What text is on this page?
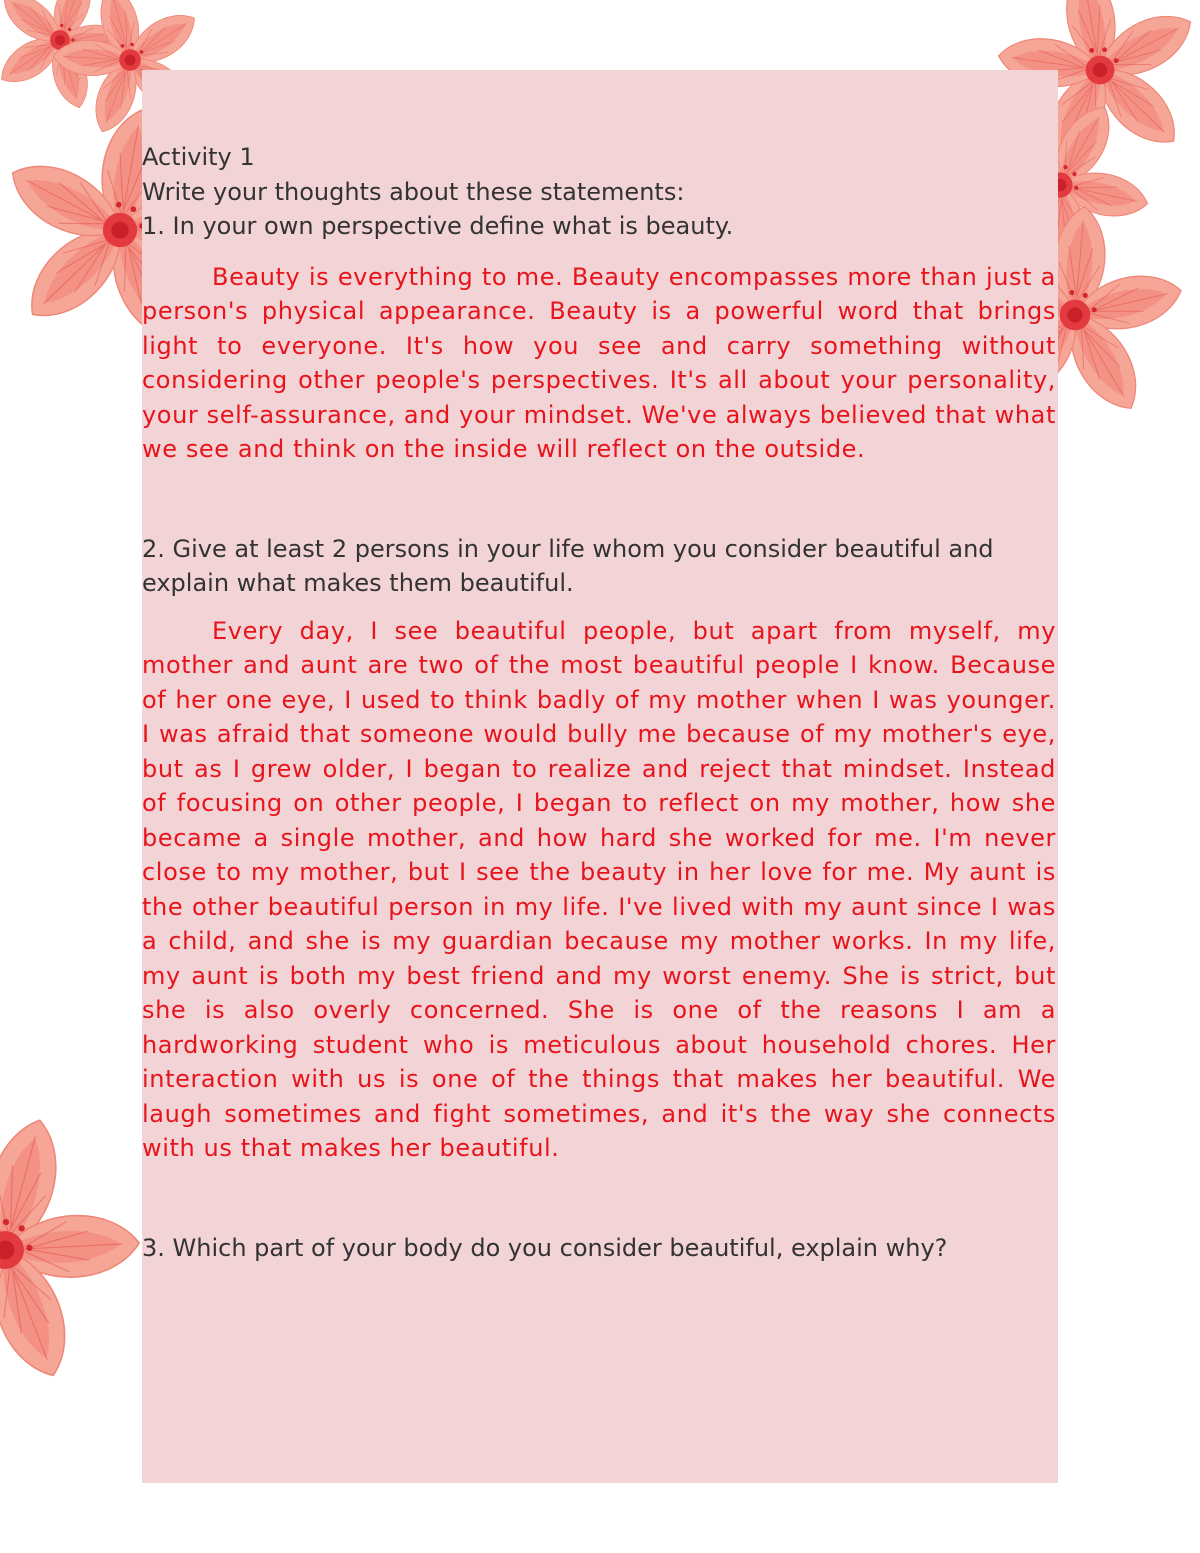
Activity 1

Write your thoughts about these statements:

1. In your own perspective define what is beauty.

Beauty is everything to me. Beauty encompasses more than just a person's physical appearance. Beauty is a powerful word that brings light to everyone. It's how you see and carry something without considering other people's perspectives. It's all about your personality, your self-assurance, and your mindset. We've always believed that what we see and think on the inside will reflect on the outside.

2. Give at least 2 persons in your life whom you consider beautiful and explain what makes them beautiful.

Every day, I see beautiful people, but apart from myself, my mother and aunt are two of the most beautiful people I know. Because of her one eye, I used to think badly of my mother when I was younger. I was afraid that someone would bully me because of my mother's eye, but as I grew older, I began to realize and reject that mindset. Instead of focusing on other people, I began to reflect on my mother, how she became a single mother, and how hard she worked for me. I'm never close to my mother, but I see the beauty in her love for me. My aunt is the other beautiful person in my life. I've lived with my aunt since I was a child, and she is my guardian because my mother works. In my life, my aunt is both my best friend and my worst enemy. She is strict, but she is also overly concerned. She is one of the reasons I am a hardworking student who is meticulous about household chores. Her interaction with us is one of the things that makes her beautiful. We laugh sometimes and fight sometimes, and it's the way she connects with us that makes her beautiful.

3. Which part of your body do you consider beautiful, explain why?
